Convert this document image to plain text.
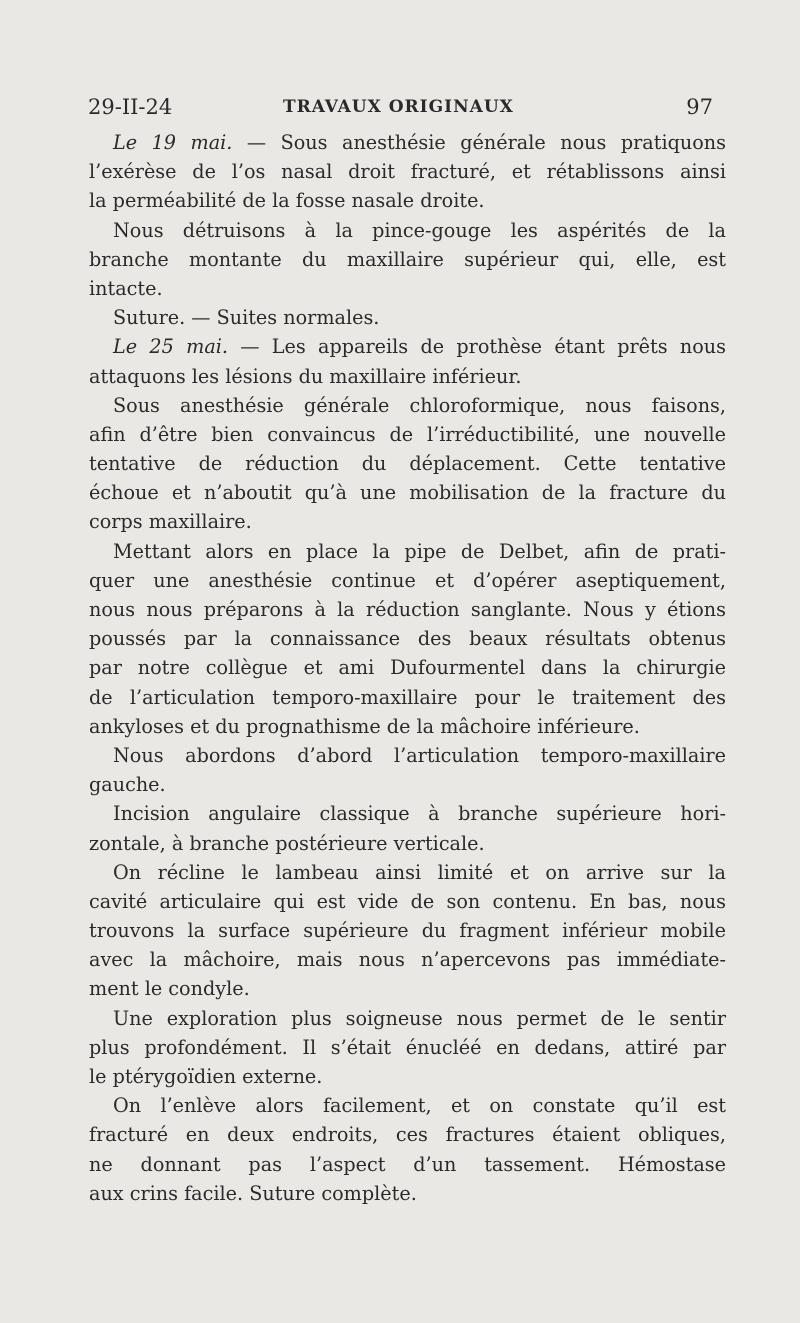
29-II-24	TRAVAUX ORIGINAUX	97
Le 19 mai. — Sous anesthésie générale nous pratiquons
l’exérèse de l’os nasal droit fracturé, et rétablissons ainsi
la perméabilité de la fosse nasale droite.
Nous détruisons à la pince-gouge les aspérités de la
branche montante du maxillaire supérieur qui, elle, est
intacte.
Suture. — Suites normales.
Le 25 mai. — Les appareils de prothèse étant prêts nous
attaquons les lésions du maxillaire inférieur.
Sous anesthésie générale chloroformique, nous faisons,
afin d’être bien convaincus de l’irréductibilité, une nouvelle
tentative de réduction du déplacement. Cette tentative
échoue et n’aboutit qu’à une mobilisation de la fracture du
corps maxillaire.
Mettant alors en place la pipe de Delbet, afin de prati-
quer une anesthésie continue et d’opérer aseptiquement,
nous nous préparons à la réduction sanglante. Nous y étions
poussés par la connaissance des beaux résultats obtenus
par notre collègue et ami Dufourmentel dans la chirurgie
de l’articulation temporo-maxillaire pour le traitement des
ankyloses et du prognathisme de la mâchoire inférieure.
Nous abordons d’abord l’articulation temporo-maxillaire
gauche.
Incision angulaire classique à branche supérieure hori-
zontale, à branche postérieure verticale.
On récline le lambeau ainsi limité et on arrive sur la
cavité articulaire qui est vide de son contenu. En bas, nous
trouvons la surface supérieure du fragment inférieur mobile
avec la mâchoire, mais nous n’apercevons pas immédiate-
ment le condyle.
Une exploration plus soigneuse nous permet de le sentir
plus profondément. Il s’était énucléé en dedans, attiré par
le ptérygoïdien externe.
On l’enlève alors facilement, et on constate qu’il est
fracturé en deux endroits, ces fractures étaient obliques,
ne donnant pas l’aspect d’un tassement. Hémostase
aux crins facile. Suture complète.
